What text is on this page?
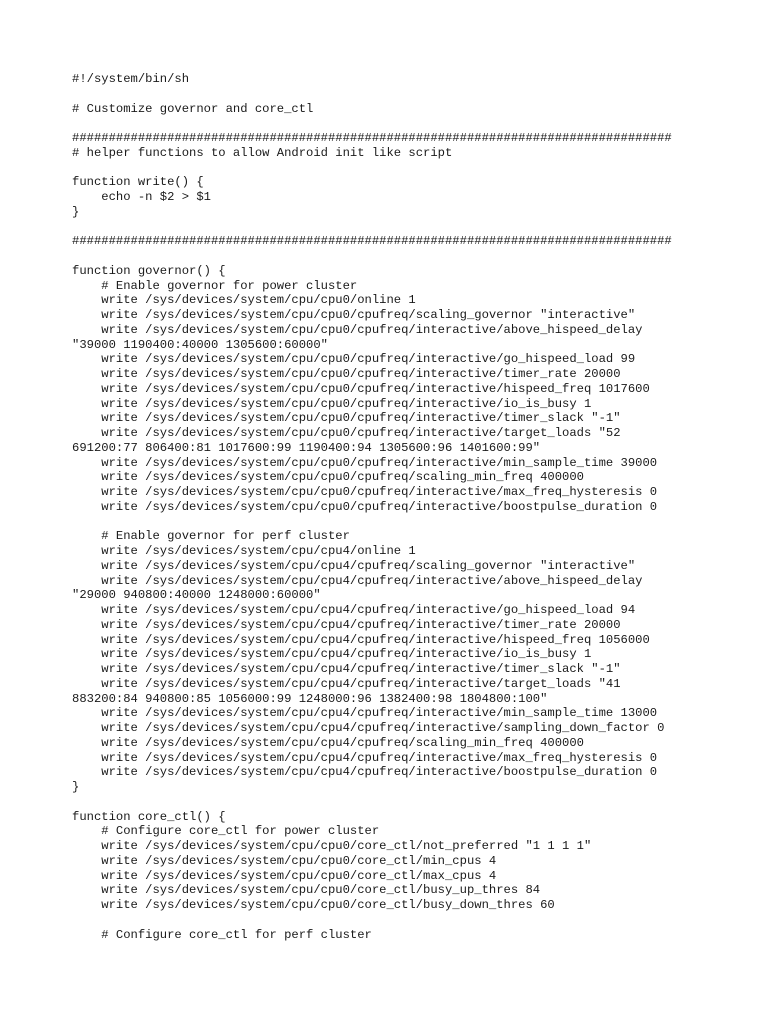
#!/system/bin/sh
# Customize governor and core_ctl
##################################################################################
# helper functions to allow Android init like script
function write() {
echo -n $2 > $1
}
##################################################################################
function governor() {
# Enable governor for power cluster
write /sys/devices/system/cpu/cpu0/online 1
write /sys/devices/system/cpu/cpu0/cpufreq/scaling_governor "interactive"
write /sys/devices/system/cpu/cpu0/cpufreq/interactive/above_hispeed_delay
"39000 1190400:40000 1305600:60000"
write /sys/devices/system/cpu/cpu0/cpufreq/interactive/go_hispeed_load 99
write /sys/devices/system/cpu/cpu0/cpufreq/interactive/timer_rate 20000
write /sys/devices/system/cpu/cpu0/cpufreq/interactive/hispeed_freq 1017600
write /sys/devices/system/cpu/cpu0/cpufreq/interactive/io_is_busy 1
write /sys/devices/system/cpu/cpu0/cpufreq/interactive/timer_slack "-1"
write /sys/devices/system/cpu/cpu0/cpufreq/interactive/target_loads "52
691200:77 806400:81 1017600:99 1190400:94 1305600:96 1401600:99"
write /sys/devices/system/cpu/cpu0/cpufreq/interactive/min_sample_time 39000
write /sys/devices/system/cpu/cpu0/cpufreq/scaling_min_freq 400000
write /sys/devices/system/cpu/cpu0/cpufreq/interactive/max_freq_hysteresis 0
write /sys/devices/system/cpu/cpu0/cpufreq/interactive/boostpulse_duration 0
# Enable governor for perf cluster
write /sys/devices/system/cpu/cpu4/online 1
write /sys/devices/system/cpu/cpu4/cpufreq/scaling_governor "interactive"
write /sys/devices/system/cpu/cpu4/cpufreq/interactive/above_hispeed_delay
"29000 940800:40000 1248000:60000"
write /sys/devices/system/cpu/cpu4/cpufreq/interactive/go_hispeed_load 94
write /sys/devices/system/cpu/cpu4/cpufreq/interactive/timer_rate 20000
write /sys/devices/system/cpu/cpu4/cpufreq/interactive/hispeed_freq 1056000
write /sys/devices/system/cpu/cpu4/cpufreq/interactive/io_is_busy 1
write /sys/devices/system/cpu/cpu4/cpufreq/interactive/timer_slack "-1"
write /sys/devices/system/cpu/cpu4/cpufreq/interactive/target_loads "41
883200:84 940800:85 1056000:99 1248000:96 1382400:98 1804800:100"
write /sys/devices/system/cpu/cpu4/cpufreq/interactive/min_sample_time 13000
write /sys/devices/system/cpu/cpu4/cpufreq/interactive/sampling_down_factor 0
write /sys/devices/system/cpu/cpu4/cpufreq/scaling_min_freq 400000
write /sys/devices/system/cpu/cpu4/cpufreq/interactive/max_freq_hysteresis 0
write /sys/devices/system/cpu/cpu4/cpufreq/interactive/boostpulse_duration 0
}
function core_ctl() {
# Configure core_ctl for power cluster
write /sys/devices/system/cpu/cpu0/core_ctl/not_preferred "1 1 1 1"
write /sys/devices/system/cpu/cpu0/core_ctl/min_cpus 4
write /sys/devices/system/cpu/cpu0/core_ctl/max_cpus 4
write /sys/devices/system/cpu/cpu0/core_ctl/busy_up_thres 84
write /sys/devices/system/cpu/cpu0/core_ctl/busy_down_thres 60
# Configure core_ctl for perf cluster
